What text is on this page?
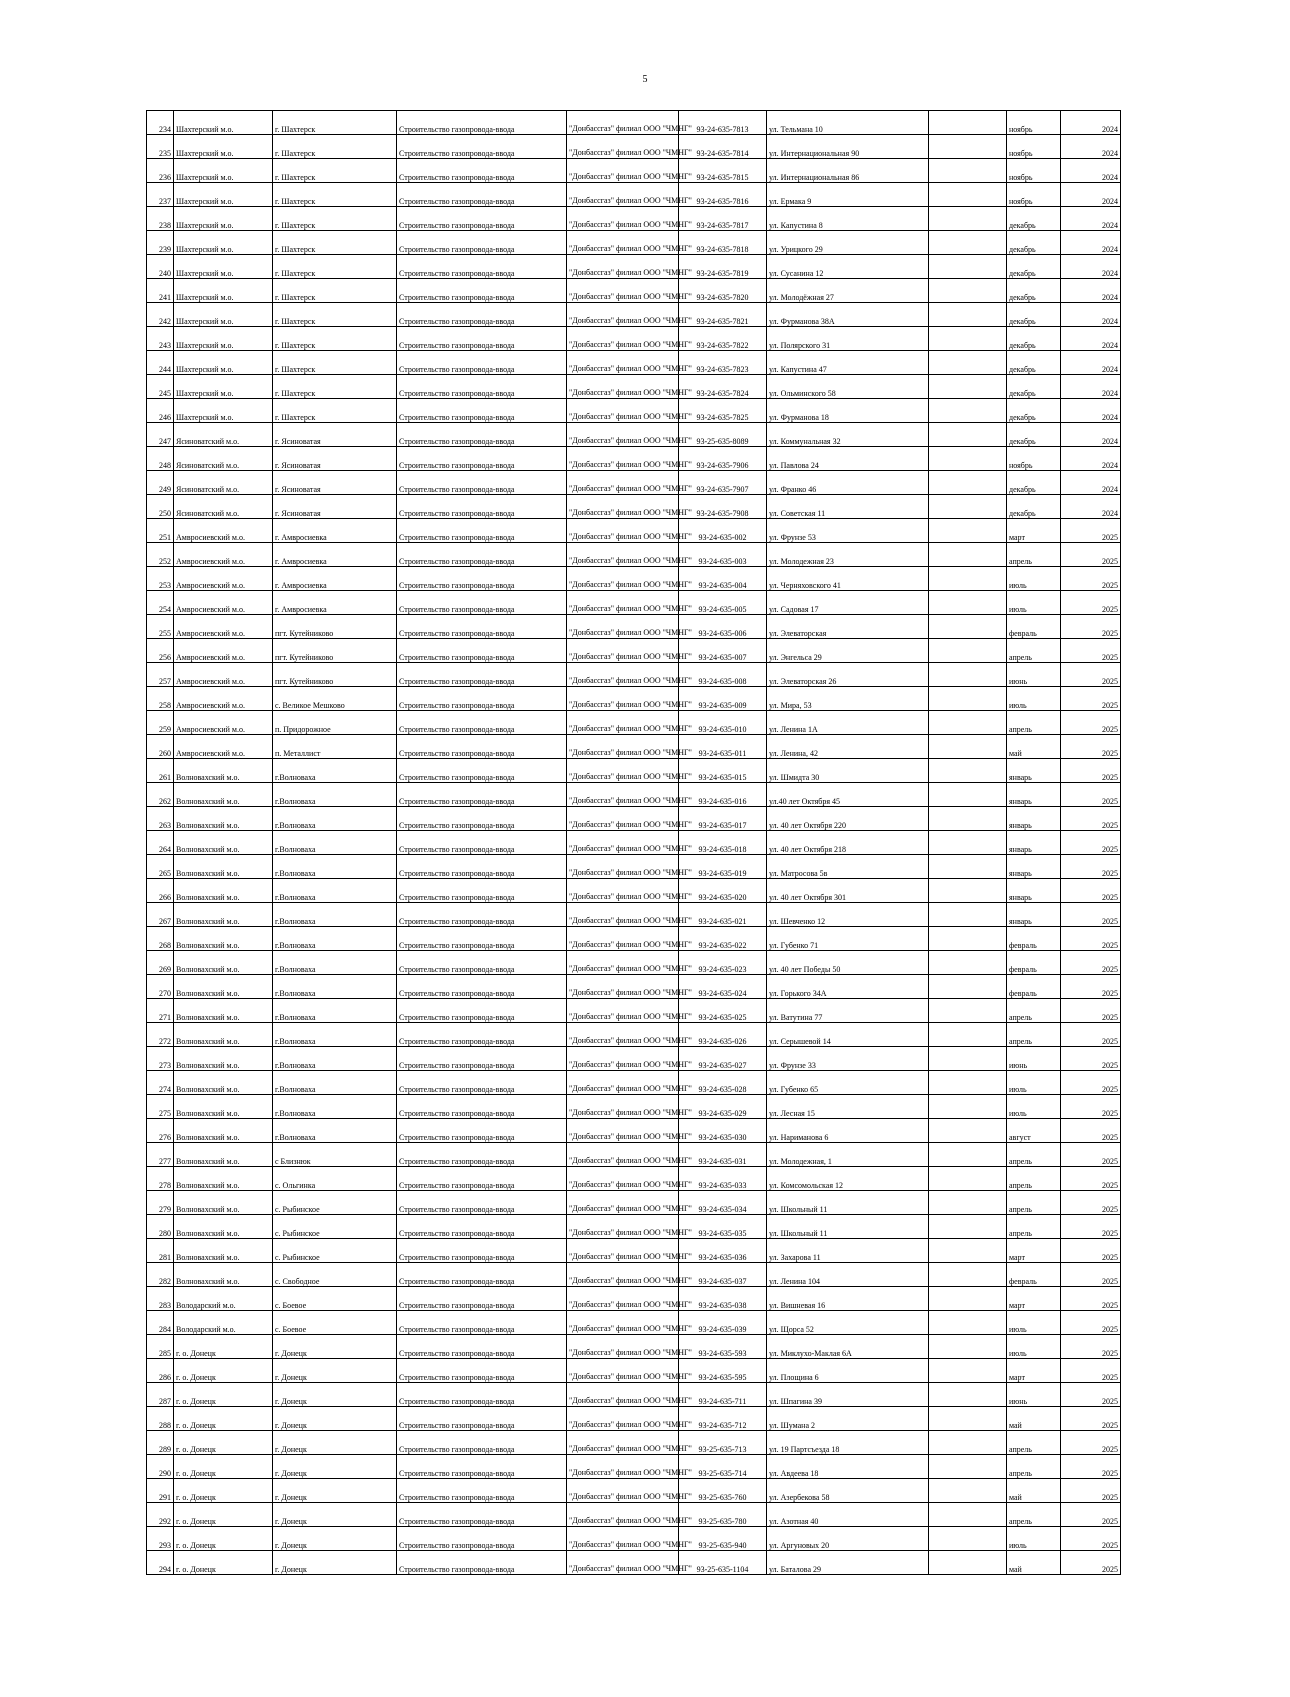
5
234	Шахтерский м.о.	г. Шахтерск	Строительство газопровода-ввода	"Донбассгаз" филиал ООО "ЧМНГ"	93-24-635-7813	ул. Тельмана 10		ноябрь	2024
235	Шахтерский м.о.	г. Шахтерск	Строительство газопровода-ввода	"Донбассгаз" филиал ООО "ЧМНГ"	93-24-635-7814	ул. Интернациональная 90		ноябрь	2024
236	Шахтерский м.о.	г. Шахтерск	Строительство газопровода-ввода	"Донбассгаз" филиал ООО "ЧМНГ"	93-24-635-7815	ул. Интернациональная 86		ноябрь	2024
237	Шахтерский м.о.	г. Шахтерск	Строительство газопровода-ввода	"Донбассгаз" филиал ООО "ЧМНГ"	93-24-635-7816	ул. Ермака 9		ноябрь	2024
238	Шахтерский м.о.	г. Шахтерск	Строительство газопровода-ввода	"Донбассгаз" филиал ООО "ЧМНГ"	93-24-635-7817	ул. Капустина 8		декабрь	2024
239	Шахтерский м.о.	г. Шахтерск	Строительство газопровода-ввода	"Донбассгаз" филиал ООО "ЧМНГ"	93-24-635-7818	ул. Урицкого 29		декабрь	2024
240	Шахтерский м.о.	г. Шахтерск	Строительство газопровода-ввода	"Донбассгаз" филиал ООО "ЧМНГ"	93-24-635-7819	ул. Сусанина 12		декабрь	2024
241	Шахтерский м.о.	г. Шахтерск	Строительство газопровода-ввода	"Донбассгаз" филиал ООО "ЧМНГ"	93-24-635-7820	ул. Молодёжная 27		декабрь	2024
242	Шахтерский м.о.	г. Шахтерск	Строительство газопровода-ввода	"Донбассгаз" филиал ООО "ЧМНГ"	93-24-635-7821	ул. Фурманова 38А		декабрь	2024
243	Шахтерский м.о.	г. Шахтерск	Строительство газопровода-ввода	"Донбассгаз" филиал ООО "ЧМНГ"	93-24-635-7822	ул. Полярского 31		декабрь	2024
244	Шахтерский м.о.	г. Шахтерск	Строительство газопровода-ввода	"Донбассгаз" филиал ООО "ЧМНГ"	93-24-635-7823	ул. Капустина 47		декабрь	2024
245	Шахтерский м.о.	г. Шахтерск	Строительство газопровода-ввода	"Донбассгаз" филиал ООО "ЧМНГ"	93-24-635-7824	ул. Ольминского 58		декабрь	2024
246	Шахтерский м.о.	г. Шахтерск	Строительство газопровода-ввода	"Донбассгаз" филиал ООО "ЧМНГ"	93-24-635-7825	ул. Фурманова 18		декабрь	2024
247	Ясиноватский м.о.	г. Ясиноватая	Строительство газопровода-ввода	"Донбассгаз" филиал ООО "ЧМНГ"	93-25-635-8089	ул. Коммунальная 32		декабрь	2024
248	Ясиноватский м.о.	г. Ясиноватая	Строительство газопровода-ввода	"Донбассгаз" филиал ООО "ЧМНГ"	93-24-635-7906	ул. Павлова 24		ноябрь	2024
249	Ясиноватский м.о.	г. Ясиноватая	Строительство газопровода-ввода	"Донбассгаз" филиал ООО "ЧМНГ"	93-24-635-7907	ул. Франко 46		декабрь	2024
250	Ясиноватский м.о.	г. Ясиноватая	Строительство газопровода-ввода	"Донбассгаз" филиал ООО "ЧМНГ"	93-24-635-7908	ул. Советская 11		декабрь	2024
251	Амвросиевский м.о.	г. Амвросиевка	Строительство газопровода-ввода	"Донбассгаз" филиал ООО "ЧМНГ"	93-24-635-002	ул. Фрунзе 53		март	2025
252	Амвросиевский м.о.	г. Амвросиевка	Строительство газопровода-ввода	"Донбассгаз" филиал ООО "ЧМНГ"	93-24-635-003	ул. Молодежная 23		апрель	2025
253	Амвросиевский м.о.	г. Амвросиевка	Строительство газопровода-ввода	"Донбассгаз" филиал ООО "ЧМНГ"	93-24-635-004	ул. Черняховского 41		июль	2025
254	Амвросиевский м.о.	г. Амвросиевка	Строительство газопровода-ввода	"Донбассгаз" филиал ООО "ЧМНГ"	93-24-635-005	ул. Садовая 17		июль	2025
255	Амвросиевский м.о.	пгт. Кутейниково	Строительство газопровода-ввода	"Донбассгаз" филиал ООО "ЧМНГ"	93-24-635-006	ул. Элеваторская		февраль	2025
256	Амвросиевский м.о.	пгт. Кутейниково	Строительство газопровода-ввода	"Донбассгаз" филиал ООО "ЧМНГ"	93-24-635-007	ул. Энгельса 29		апрель	2025
257	Амвросиевский м.о.	пгт. Кутейниково	Строительство газопровода-ввода	"Донбассгаз" филиал ООО "ЧМНГ"	93-24-635-008	ул. Элеваторская 26		июнь	2025
258	Амвросиевский м.о.	с. Великое Мешково	Строительство газопровода-ввода	"Донбассгаз" филиал ООО "ЧМНГ"	93-24-635-009	ул. Мира, 53		июль	2025
259	Амвросиевский м.о.	п. Придорожное	Строительство газопровода-ввода	"Донбассгаз" филиал ООО "ЧМНГ"	93-24-635-010	ул. Ленина 1А		апрель	2025
260	Амвросиевский м.о.	п. Металлист	Строительство газопровода-ввода	"Донбассгаз" филиал ООО "ЧМНГ"	93-24-635-011	ул. Ленина, 42		май	2025
261	Волновахский м.о.	г.Волноваха	Строительство газопровода-ввода	"Донбассгаз" филиал ООО "ЧМНГ"	93-24-635-015	ул. Шмидта 30		январь	2025
262	Волновахский м.о.	г.Волноваха	Строительство газопровода-ввода	"Донбассгаз" филиал ООО "ЧМНГ"	93-24-635-016	ул.40 лет Октября 45		январь	2025
263	Волновахский м.о.	г.Волноваха	Строительство газопровода-ввода	"Донбассгаз" филиал ООО "ЧМНГ"	93-24-635-017	ул. 40 лет Октября 220		январь	2025
264	Волновахский м.о.	г.Волноваха	Строительство газопровода-ввода	"Донбассгаз" филиал ООО "ЧМНГ"	93-24-635-018	ул. 40 лет Октября 218		январь	2025
265	Волновахский м.о.	г.Волноваха	Строительство газопровода-ввода	"Донбассгаз" филиал ООО "ЧМНГ"	93-24-635-019	ул. Матросова 5в		январь	2025
266	Волновахский м.о.	г.Волноваха	Строительство газопровода-ввода	"Донбассгаз" филиал ООО "ЧМНГ"	93-24-635-020	ул. 40 лет Октября 301		январь	2025
267	Волновахский м.о.	г.Волноваха	Строительство газопровода-ввода	"Донбассгаз" филиал ООО "ЧМНГ"	93-24-635-021	ул. Шевченко 12		январь	2025
268	Волновахский м.о.	г.Волноваха	Строительство газопровода-ввода	"Донбассгаз" филиал ООО "ЧМНГ"	93-24-635-022	ул. Губенко 71		февраль	2025
269	Волновахский м.о.	г.Волноваха	Строительство газопровода-ввода	"Донбассгаз" филиал ООО "ЧМНГ"	93-24-635-023	ул. 40 лет Победы 50		февраль	2025
270	Волновахский м.о.	г.Волноваха	Строительство газопровода-ввода	"Донбассгаз" филиал ООО "ЧМНГ"	93-24-635-024	ул. Горького 34А		февраль	2025
271	Волновахский м.о.	г.Волноваха	Строительство газопровода-ввода	"Донбассгаз" филиал ООО "ЧМНГ"	93-24-635-025	ул. Ватутина 77		апрель	2025
272	Волновахский м.о.	г.Волноваха	Строительство газопровода-ввода	"Донбассгаз" филиал ООО "ЧМНГ"	93-24-635-026	ул. Серышевой 14		апрель	2025
273	Волновахский м.о.	г.Волноваха	Строительство газопровода-ввода	"Донбассгаз" филиал ООО "ЧМНГ"	93-24-635-027	ул. Фрунзе 33		июнь	2025
274	Волновахский м.о.	г.Волноваха	Строительство газопровода-ввода	"Донбассгаз" филиал ООО "ЧМНГ"	93-24-635-028	ул. Губенко 65		июль	2025
275	Волновахский м.о.	г.Волноваха	Строительство газопровода-ввода	"Донбассгаз" филиал ООО "ЧМНГ"	93-24-635-029	ул. Лесная 15		июль	2025
276	Волновахский м.о.	г.Волноваха	Строительство газопровода-ввода	"Донбассгаз" филиал ООО "ЧМНГ"	93-24-635-030	ул. Нариманова 6		август	2025
277	Волновахский м.о.	с Близнюк	Строительство газопровода-ввода	"Донбассгаз" филиал ООО "ЧМНГ"	93-24-635-031	ул. Молодежная, 1		апрель	2025
278	Волновахский м.о.	с. Ольгинка	Строительство газопровода-ввода	"Донбассгаз" филиал ООО "ЧМНГ"	93-24-635-033	ул. Комсомольская 12		апрель	2025
279	Волновахский м.о.	с. Рыбинское	Строительство газопровода-ввода	"Донбассгаз" филиал ООО "ЧМНГ"	93-24-635-034	ул. Школьный 11		апрель	2025
280	Волновахский м.о.	с. Рыбинское	Строительство газопровода-ввода	"Донбассгаз" филиал ООО "ЧМНГ"	93-24-635-035	ул. Школьный 11		апрель	2025
281	Волновахский м.о.	с. Рыбинское	Строительство газопровода-ввода	"Донбассгаз" филиал ООО "ЧМНГ"	93-24-635-036	ул. Захарова 11		март	2025
282	Волновахский м.о.	с. Свободное	Строительство газопровода-ввода	"Донбассгаз" филиал ООО "ЧМНГ"	93-24-635-037	ул. Ленина 104		февраль	2025
283	Володарский м.о.	с. Боевое	Строительство газопровода-ввода	"Донбассгаз" филиал ООО "ЧМНГ"	93-24-635-038	ул. Вишневая 16		март	2025
284	Володарский м.о.	с. Боевое	Строительство газопровода-ввода	"Донбассгаз" филиал ООО "ЧМНГ"	93-24-635-039	ул. Щорса 52		июль	2025
285	г. о. Донецк	г. Донецк	Строительство газопровода-ввода	"Донбассгаз" филиал ООО "ЧМНГ"	93-24-635-593	ул. Миклухо-Маклая 6А		июль	2025
286	г. о. Донецк	г. Донецк	Строительство газопровода-ввода	"Донбассгаз" филиал ООО "ЧМНГ"	93-24-635-595	ул. Площина 6		март	2025
287	г. о. Донецк	г. Донецк	Строительство газопровода-ввода	"Донбассгаз" филиал ООО "ЧМНГ"	93-24-635-711	ул. Шпагина 39		июнь	2025
288	г. о. Донецк	г. Донецк	Строительство газопровода-ввода	"Донбассгаз" филиал ООО "ЧМНГ"	93-24-635-712	ул. Шумана 2		май	2025
289	г. о. Донецк	г. Донецк	Строительство газопровода-ввода	"Донбассгаз" филиал ООО "ЧМНГ"	93-25-635-713	ул. 19 Партсъезда 18		апрель	2025
290	г. о. Донецк	г. Донецк	Строительство газопровода-ввода	"Донбассгаз" филиал ООО "ЧМНГ"	93-25-635-714	ул. Авдеева 18		апрель	2025
291	г. о. Донецк	г. Донецк	Строительство газопровода-ввода	"Донбассгаз" филиал ООО "ЧМНГ"	93-25-635-760	ул. Азербековa 58		май	2025
292	г. о. Донецк	г. Донецк	Строительство газопровода-ввода	"Донбассгаз" филиал ООО "ЧМНГ"	93-25-635-780	ул. Азотная 40		апрель	2025
293	г. о. Донецк	г. Донецк	Строительство газопровода-ввода	"Донбассгаз" филиал ООО "ЧМНГ"	93-25-635-940	ул. Аргуновых 20		июль	2025
294	г. о. Донецк	г. Донецк	Строительство газопровода-ввода	"Донбассгаз" филиал ООО "ЧМНГ"	93-25-635-1104	ул. Баталова 29		май	2025
